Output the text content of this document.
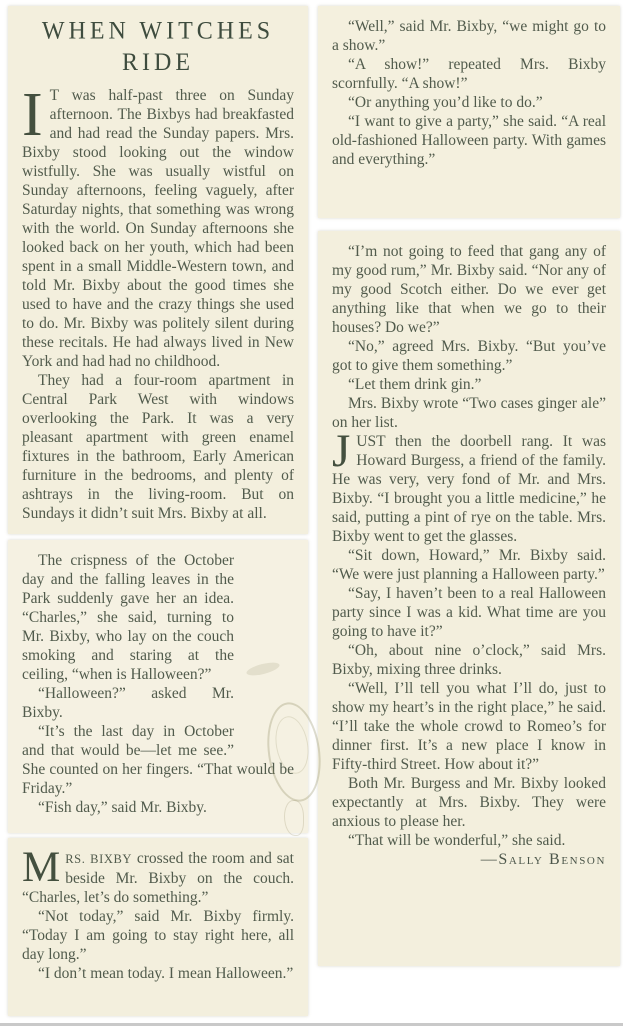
WHEN WITCHES RIDE

I T was half-past three on Sunday afternoon. The Bixbys had breakfasted and had read the Sunday papers. Mrs. Bixby stood looking out the window wistfully. She was usually wistful on Sunday afternoons, feeling vaguely, after Saturday nights, that something was wrong with the world. On Sunday afternoons she looked back on her youth, which had been spent in a small Middle-Western town, and told Mr. Bixby about the good times she used to have and the crazy things she used to do. Mr. Bixby was politely silent during these recitals. He had always lived in New York and had had no childhood.

They had a four-room apartment in Central Park West with windows overlooking the Park. It was a very pleasant apartment with green enamel fixtures in the bathroom, Early American furniture in the bedrooms, and plenty of ashtrays in the living-room. But on Sundays it didn’t suit Mrs. Bixby at all.

The crispness of the October day and the falling leaves in the Park suddenly gave her an idea. “Charles,” she said, turning to Mr. Bixby, who lay on the couch smoking and staring at the ceiling, “when is Halloween?”

“Halloween?” asked Mr. Bixby.

“It’s the last day in October and that would be—let me see.” She counted on her fingers. “That would be Friday.”

“Fish day,” said Mr. Bixby.

MRS. BIXBY crossed the room and sat beside Mr. Bixby on the couch. “Charles, let’s do something.”

“Not today,” said Mr. Bixby firmly. “Today I am going to stay right here, all day long.”

“I don’t mean today. I mean Halloween.”

“Well,” said Mr. Bixby, “we might go to a show.”

“A show!” repeated Mrs. Bixby scornfully. “A show!”

“Or anything you’d like to do.”

“I want to give a party,” she said. “A real old-fashioned Halloween party. With games and everything.”

“I’m not going to feed that gang any of my good rum,” Mr. Bixby said. “Nor any of my good Scotch either. Do we ever get anything like that when we go to their houses? Do we?”

“No,” agreed Mrs. Bixby. “But you’ve got to give them something.”

“Let them drink gin.”

Mrs. Bixby wrote “Two cases ginger ale” on her list.

JUST then the doorbell rang. It was Howard Burgess, a friend of the family. He was very, very fond of Mr. and Mrs. Bixby. “I brought you a little medicine,” he said, putting a pint of rye on the table. Mrs. Bixby went to get the glasses.

“Sit down, Howard,” Mr. Bixby said. “We were just planning a Halloween party.”

“Say, I haven’t been to a real Halloween party since I was a kid. What time are you going to have it?”

“Oh, about nine o’clock,” said Mrs. Bixby, mixing three drinks.

“Well, I’ll tell you what I’ll do, just to show my heart’s in the right place,” he said. “I’ll take the whole crowd to Romeo’s for dinner first. It’s a new place I know in Fifty-third Street. How about it?”

Both Mr. Burgess and Mr. Bixby looked expectantly at Mrs. Bixby. They were anxious to please her.

“That will be wonderful,” she said.

—Sally Benson
